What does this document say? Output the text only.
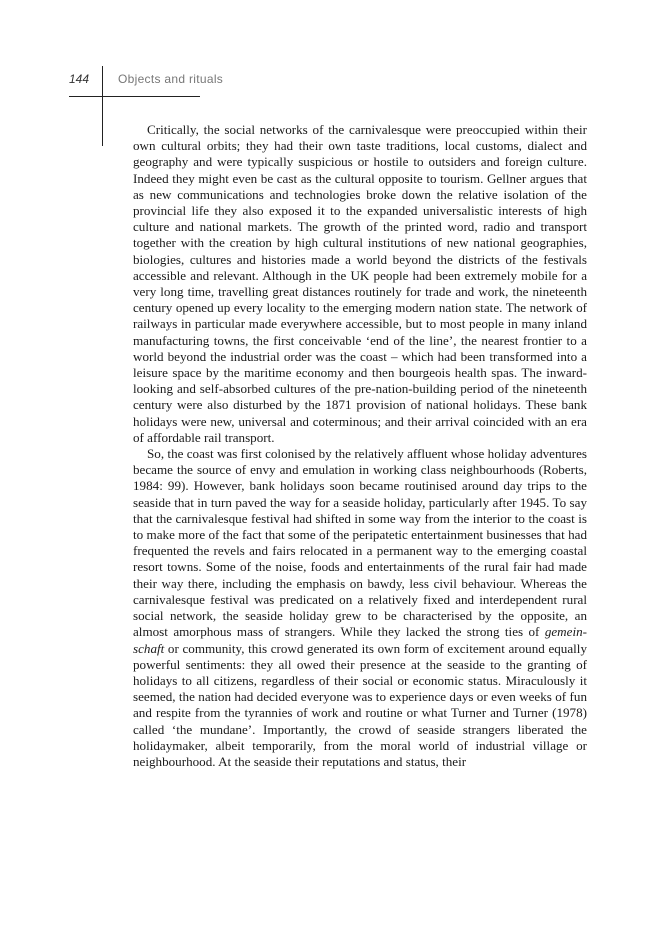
144 Objects and rituals

Critically, the social networks of the carnivalesque were preoccupied within their own cultural orbits; they had their own taste traditions, local customs, dialect and geography and were typically suspicious or hostile to outsiders and foreign culture. Indeed they might even be cast as the cultural opposite to tourism. Gellner argues that as new communications and technologies broke down the relative isolation of the provincial life they also exposed it to the expanded universalistic interests of high culture and national markets. The growth of the printed word, radio and transport together with the creation by high cultural institutions of new national geographies, biologies, cultures and histories made a world beyond the districts of the festivals accessible and relevant. Although in the UK people had been extremely mobile for a very long time, travelling great distances routinely for trade and work, the nineteenth century opened up every locality to the emerging modern nation state. The network of railways in particular made everywhere accessible, but to most people in many inland manufacturing towns, the first conceivable ‘end of the line’, the nearest frontier to a world beyond the industrial order was the coast – which had been transformed into a leisure space by the maritime economy and then bourgeois health spas. The inward-looking and self-absorbed cultures of the pre-nation-building period of the nineteenth century were also disturbed by the 1871 provision of national holidays. These bank holidays were new, universal and coterminous; and their arrival coincided with an era of affordable rail transport.

So, the coast was first colonised by the relatively affluent whose holiday adventures became the source of envy and emulation in working class neighbourhoods (Roberts, 1984: 99). However, bank holidays soon became routinised around day trips to the seaside that in turn paved the way for a seaside holiday, particularly after 1945. To say that the carnivalesque festival had shifted in some way from the interior to the coast is to make more of the fact that some of the peripatetic entertainment businesses that had frequented the revels and fairs relocated in a permanent way to the emerging coastal resort towns. Some of the noise, foods and entertainments of the rural fair had made their way there, including the emphasis on bawdy, less civil behaviour. Whereas the carnivalesque festival was predicated on a relatively fixed and interdependent rural social network, the seaside holiday grew to be characterised by the opposite, an almost amorphous mass of strangers. While they lacked the strong ties of gemeinschaft or community, this crowd generated its own form of excitement around equally powerful sentiments: they all owed their presence at the seaside to the granting of holidays to all citizens, regardless of their social or economic status. Miraculously it seemed, the nation had decided everyone was to experience days or even weeks of fun and respite from the tyrannies of work and routine or what Turner and Turner (1978) called ‘the mundane’. Importantly, the crowd of seaside strangers liberated the holidaymaker, albeit temporarily, from the moral world of industrial village or neighbourhood. At the seaside their reputations and status, their
